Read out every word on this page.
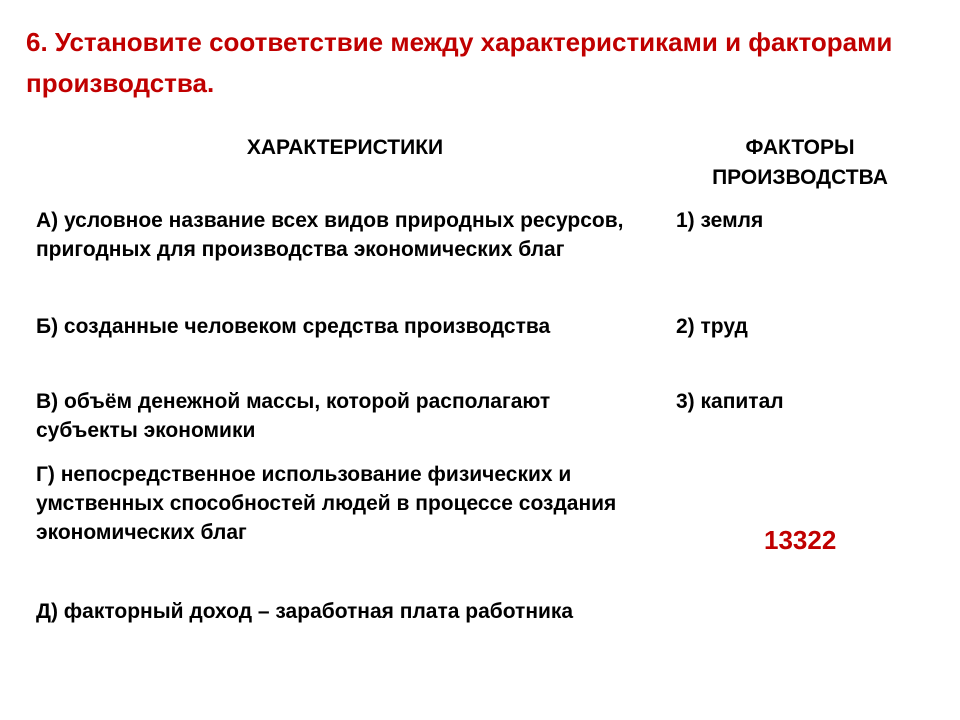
6. Установите соответствие между характеристиками и факторами производства.
ХАРАКТЕРИСТИКИ	ФАКТОРЫ ПРОИЗВОДСТВА
А) условное название всех видов природных ресурсов, пригодных для производства экономических благ
Б) созданные человеком средства производства
В) объём денежной массы, которой располагают субъекты экономики
Г) непосредственное использование физических и умственных способностей людей в процессе создания экономических благ
Д) факторный доход – заработная плата работника
1) земля
2) труд
3) капитал
13322
